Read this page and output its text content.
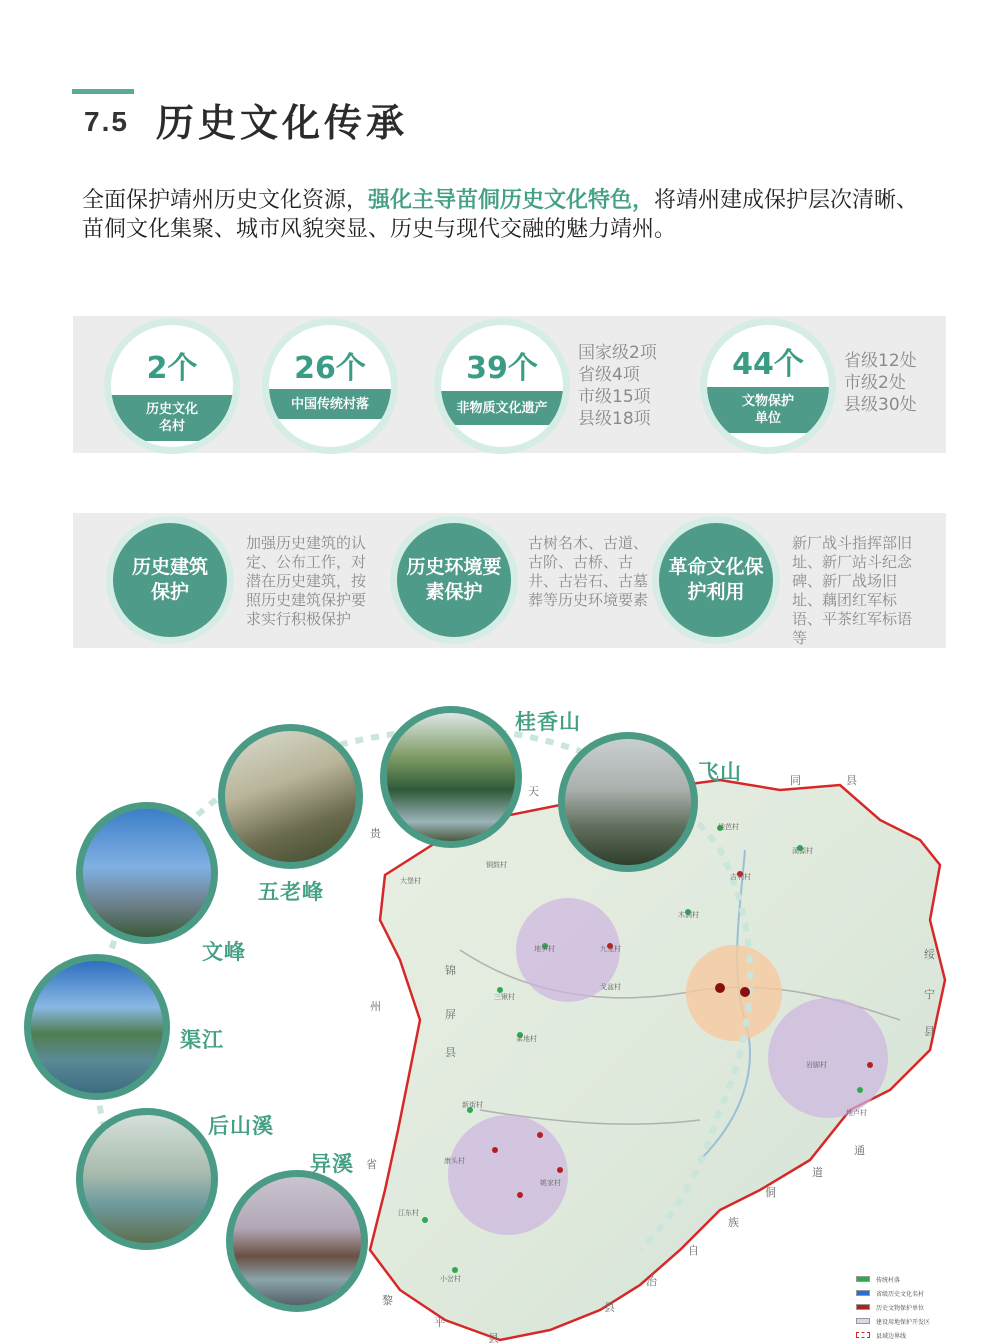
7.5 历史文化传承
全面保护靖州历史文化资源，强化主导苗侗历史文化特色，将靖州建成保护层次清晰、苗侗文化集聚、城市风貌突显、历史与现代交融的魅力靖州。
2个
历史文化
名村
26个
中国传统村落
39个
非物质文化遗产
国家级2项
省级4项
市级15项
县级18项
44个
文物保护
单位
省级12处
市级2处
县级30处
历史建筑
保护
加强历史建筑的认定、公布工作，对潜在历史建筑，按照历史建筑保护要求实行积极保护
历史环境要
素保护
古树名木、古道、古阶、古桥、古井、古岩石、古墓葬等历史环境要素
革命文化保
护利用
新厂战斗指挥部旧址、新厂站斗纪念碑、新厂战场旧址、藕团红军标语、平茶红军标语等
天
贵
州
锦
屏
县
同	县
绥
宁
县
通
道
侗
族
自
治
县
黎
平
县
省
地芭村
溪源村
吉利村
木洞村
大堡村
铜鼓村
地笋村	九龙村
戈盆村
三锹村
菜地村
新街村
康头村
姚家村
江东村
小岔村
岩脚村
地卢村
桂香山
飞山
五老峰
文峰
渠江
后山溪
异溪
传统村落
省级历史文化名村
历史文物保护单位
建设用地保护开发区
县域边界线
